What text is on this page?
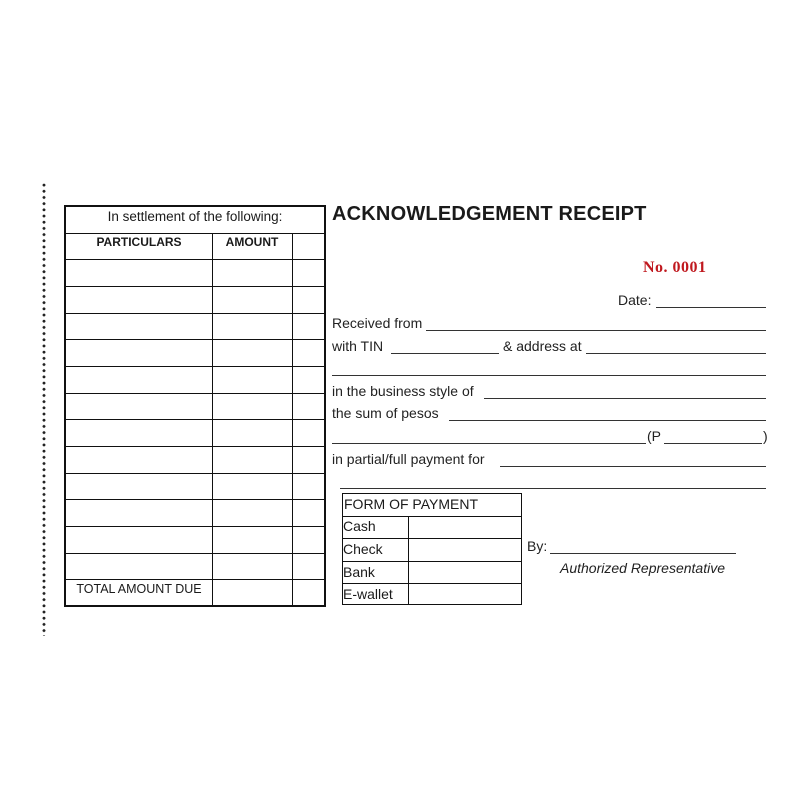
In settlement of the following:
PARTICULARS	AMOUNT
TOTAL AMOUNT DUE
ACKNOWLEDGEMENT RECEIPT
No. 0001
Date:
Received from
with TIN	& address at
in the business style of
the sum of pesos
(P	)
in partial/full payment for
FORM OF PAYMENT
Cash
Check
Bank
E-wallet
By:
Authorized Representative
